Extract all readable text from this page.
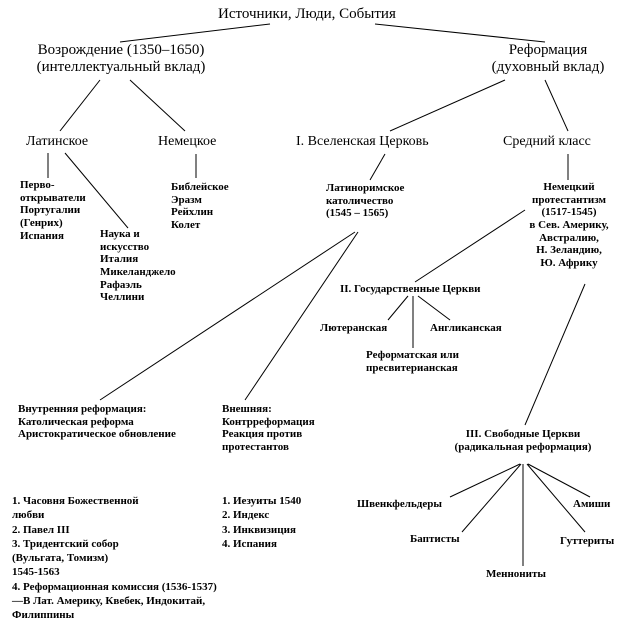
Источники, Люди, События
Возрождение (1350–1650)
(интеллектуальный вклад)
Реформация
(духовный вклад)
Латинское	Немецкое	I. Вселенская Церковь	Средний класс
Перво-
открыватели
Португалии
(Генрих)
Испания	Наука и
искусство
Италия
Микеланджело
Рафаэль
Челлини
Библейское
Эразм
Рейхлин
Колет
Латиноримское
католичество
(1545 – 1565)
Немецкий
протестантизм
(1517-1545)
в Сев. Америку,
Австралию,
Н. Зеландию,
Ю. Африку
II. Государственные Церкви
Лютеранская	Англиканская
Реформатская или
пресвитерианская
Внутренняя реформация:
Католическая реформа
Аристократическое обновление
Внешняя:
Контрреформация
Реакция против
протестантов
III. Свободные Церкви
(радикальная реформация)
Швенкфельдеры	Амиши
Баптисты	Гуттериты
Меннониты
1. Часовня Божественной
любви
2. Павел III
3. Тридентский собор
(Вульгата, Томизм)
1545-1563
4. Реформационная комиссия (1536-1537)
—В Лат. Америку, Квебек, Индокитай,
Филиппины
1. Иезуиты 1540
2. Индекс
3. Инквизиция
4. Испания
